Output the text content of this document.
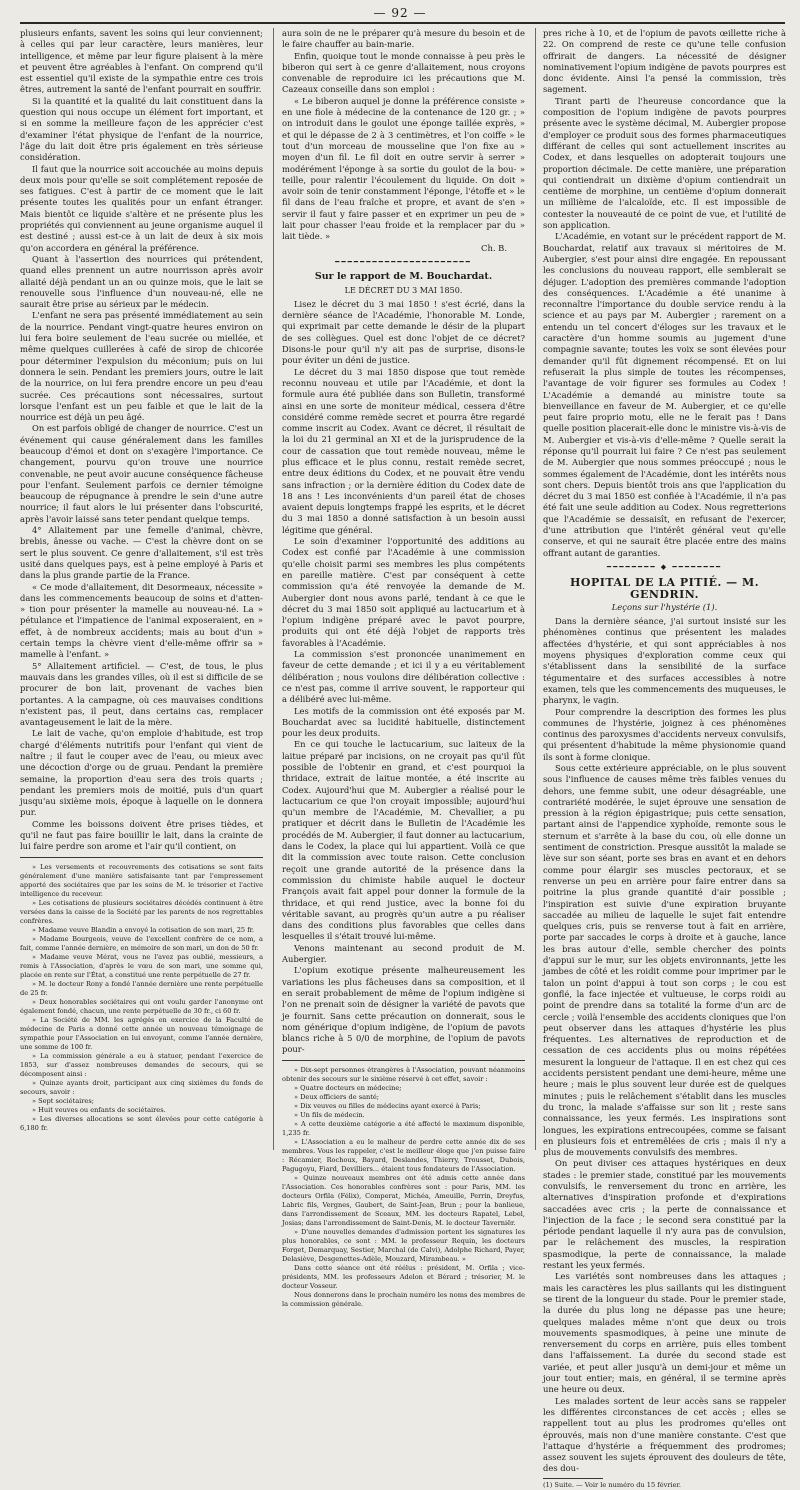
— 92 —

plusieurs enfants, savent les soins qui leur conviennent; à celles qui par leur caractère, leurs manières, leur intelligence, et même par leur figure plaisent à la mère et peuvent être agréables à l'enfant. On comprend qu'il est essentiel qu'il existe de la sympathie entre ces trois êtres, autrement la santé de l'enfant pourrait en souffrir.

Si la quantité et la qualité du lait constituent dans la question qui nous occupe un élément fort important, et si en somme la meilleure façon de les apprécier c'est d'examiner l'état physique de l'enfant de la nourrice, l'âge du lait doit être pris également en très sérieuse considération.

Il faut que la nourrice soit accouchée au moins depuis deux mois pour qu'elle se soit complétement reposée de ses fatigues. C'est à partir de ce moment que le lait présente toutes les qualités pour un enfant étranger. Mais bientôt ce liquide s'altère et ne présente plus les propriétés qui conviennent au jeune organisme auquel il est destiné ; aussi est-ce à un lait de deux à six mois qu'on accordera en général la préférence.

Quant à l'assertion des nourrices qui prétendent, quand elles prennent un autre nourrisson après avoir allaité déjà pendant un an ou quinze mois, que le lait se renouvelle sous l'influence d'un nouveau-né, elle ne saurait être prise au sérieux par le médecin.

L'enfant ne sera pas présenté immédiatement au sein de la nourrice. Pendant vingt-quatre heures environ on lui fera boire seulement de l'eau sucrée ou miellée, et même quelques cuillerées à café de sirop de chicorée pour déterminer l'expulsion du méconium; puis on lui donnera le sein. Pendant les premiers jours, outre le lait de la nourrice, on lui fera prendre encore un peu d'eau sucrée. Ces précautions sont nécessaires, surtout lorsque l'enfant est un peu faible et que le lait de la nourrice est déjà un peu âgé.

On est parfois obligé de changer de nourrice. C'est un événement qui cause généralement dans les familles beaucoup d'émoi et dont on s'exagère l'importance. Ce changement, pourvu qu'on trouve une nourrice convenable, ne peut avoir aucune conséquence fâcheuse pour l'enfant. Seulement parfois ce dernier témoigne beaucoup de répugnance à prendre le sein d'une autre nourrice; il faut alors le lui présenter dans l'obscurité, après l'avoir laissé sans teter pendant quelque temps.

4° Allaitement par une femelle d'animal, chèvre, brebis, ânesse ou vache. — C'est la chèvre dont on se sert le plus souvent. Ce genre d'allaitement, s'il est très usité dans quelques pays, est à peine employé à Paris et dans la plus grande partie de la France.

« Ce mode d'allaitement, dit Desormeaux, nécessite » dans les commencements beaucoup de soins et d'atten- » tion pour présenter la mamelle au nouveau-né. La » pétulance et l'impatience de l'animal exposeraient, en » effet, à de nombreux accidents; mais au bout d'un » certain temps la chèvre vient d'elle-même offrir sa » mamelle à l'enfant. »

5° Allaitement artificiel. — C'est, de tous, le plus mauvais dans les grandes villes, où il est si difficile de se procurer de bon lait, provenant de vaches bien portantes. A la campagne, où ces mauvaises conditions n'existent pas, il peut, dans certains cas, remplacer avantageusement le lait de la mère.

Le lait de vache, qu'on emploie d'habitude, est trop chargé d'éléments nutritifs pour l'enfant qui vient de naître ; il faut le couper avec de l'eau, ou mieux avec une décoction d'orge ou de gruau. Pendant la première semaine, la proportion d'eau sera des trois quarts ; pendant les premiers mois de moitié, puis d'un quart jusqu'au sixième mois, époque à laquelle on le donnera pur.

Comme les boissons doivent être prises tièdes, et qu'il ne faut pas faire bouillir le lait, dans la crainte de lui faire perdre son arome et l'air qu'il contient, on

» Les versements et recouvrements des cotisations se sont faits généralement d'une manière satisfaisante tant par l'empressement apporté des sociétaires que par les soins de M. le trésorier et l'active intelligence du receveur.

» Les cotisations de plusieurs sociétaires décédés continuent à être versées dans la caisse de la Société par les parents de nos regrettables confrères.

» Madame veuve Blandin a envoyé la cotisation de son mari, 25 fr.

» Madame Bourgeois, veuve de l'excellent confrère de ce nom, a fait, comme l'année dernière, en mémoire de son mari, un don de 50 fr.

» Madame veuve Mérat, vous ne l'avez pas oublié, messieurs, a remis à l'Association, d'après le vœu de son mari, une somme qui, placée en rente sur l'État, a constitué une rente perpétuelle de 27 fr.

» M. le docteur Rony a fondé l'année dernière une rente perpétuelle de 25 fr.

» Deux honorables sociétaires qui ont voulu garder l'anonyme ont également fondé, chacun, une rente perpétuelle de 30 fr., ci 60 fr.

» La Société de MM. les agrégés en exercice de la Faculté de médecine de Paris a donné cette année un nouveau témoignage de sympathie pour l'Association en lui envoyant, comme l'année dernière, une somme de 100 fr.

» La commission générale a eu à statuer, pendant l'exercice de 1853, sur d'assez nombreuses demandes de secours, qui se décomposent ainsi :

» Quinze ayants droit, participant aux cinq sixièmes du fonds de secours, savoir :

» Sept sociétaires;

» Huit veuves ou enfants de sociétaires.

» Les diverses allocations se sont élevées pour cette catégorie à 6,180 fr.

aura soin de ne le préparer qu'à mesure du besoin et de le faire chauffer au bain-marie.

Enfin, quoique tout le monde connaisse à peu près le biberon qui sert à ce genre d'allaitement, nous croyons convenable de reproduire ici les précautions que M. Cazeaux conseille dans son emploi :

« Le biberon auquel je donne la préférence consiste » en une fiole à médecine de la contenance de 120 gr. ; » on introduit dans le goulot une éponge taillée exprès, » et qui le dépasse de 2 à 3 centimètres, et l'on coiffe » le tout d'un morceau de mousseline que l'on fixe au » moyen d'un fil. Le fil doit en outre servir à serrer » modérément l'éponge à sa sortie du goulot de la bou- » teille, pour ralentir l'écoulement du liquide. On doit » avoir soin de tenir constamment l'éponge, l'étoffe et » le fil dans de l'eau fraîche et propre, et avant de s'en » servir il faut y faire passer et en exprimer un peu de » lait pour chasser l'eau froide et la remplacer par du » lait tiède. »

Ch. B.

━━━━━━━━━━━━━━━━━━━━━━
Sur le rapport de M. Bouchardat.
LE DÉCRET DU 3 MAI 1850.

Lisez le décret du 3 mai 1850 ! s'est écrié, dans la dernière séance de l'Académie, l'honorable M. Londe, qui exprimait par cette demande le désir de la plupart de ses collègues. Quel est donc l'objet de ce décret? Disons-le pour qu'il n'y ait pas de surprise, disons-le pour éviter un déni de justice.

Le décret du 3 mai 1850 dispose que tout remède reconnu nouveau et utile par l'Académie, et dont la formule aura été publiée dans son Bulletin, transformé ainsi en une sorte de moniteur médical, cessera d'être considéré comme remède secret et pourra être regardé comme inscrit au Codex. Avant ce décret, il résultait de la loi du 21 germinal an XI et de la jurisprudence de la cour de cassation que tout remède nouveau, même le plus efficace et le plus connu, restait remède secret, entre deux éditions du Codex, et ne pouvait être vendu sans infraction ; or la dernière édition du Codex date de 18 ans ! Les inconvénients d'un pareil état de choses avaient depuis longtemps frappé les esprits, et le décret du 3 mai 1850 a donné satisfaction à un besoin aussi légitime que général.

Le soin d'examiner l'opportunité des additions au Codex est confié par l'Académie à une commission qu'elle choisit parmi ses membres les plus compétents en pareille matière. C'est par conséquent à cette commission qu'a été renvoyée la demande de M. Aubergier dont nous avons parlé, tendant à ce que le décret du 3 mai 1850 soit appliqué au lactucarium et à l'opium indigène préparé avec le pavot pourpre, produits qui ont été déjà l'objet de rapports très favorables à l'Académie.

La commission s'est prononcée unanimement en faveur de cette demande ; et ici il y a eu véritablement délibération ; nous voulons dire délibération collective : ce n'est pas, comme il arrive souvent, le rapporteur qui a délibéré avec lui-même.

Les motifs de la commission ont été exposés par M. Bouchardat avec sa lucidité habituelle, distinctement pour les deux produits.

En ce qui touche le lactucarium, suc laiteux de la laitue préparé par incisions, on ne croyait pas qu'il fût possible de l'obtenir en grand, et c'est pourquoi la thridace, extrait de laitue montée, a été inscrite au Codex. Aujourd'hui que M. Aubergier a réalisé pour le lactucarium ce que l'on croyait impossible; aujourd'hui qu'un membre de l'Académie, M. Chevallier, a pu pratiquer et décrit dans le Bulletin de l'Académie les procédés de M. Aubergier, il faut donner au lactucarium, dans le Codex, la place qui lui appartient. Voilà ce que dit la commission avec toute raison. Cette conclusion reçoit une grande autorité de la présence dans la commission du chimiste habile auquel le docteur François avait fait appel pour donner la formule de la thridace, et qui rend justice, avec la bonne foi du véritable savant, au progrès qu'un autre a pu réaliser dans des conditions plus favorables que celles dans lesquelles il s'était trouvé lui-même.

Venons maintenant au second produit de M. Aubergier.

L'opium exotique présente malheureusement les variations les plus fâcheuses dans sa composition, et il en serait probablement de même de l'opium indigène si l'on ne prenait soin de désigner la variété de pavots que je fournit. Sans cette précaution on donnerait, sous le nom générique d'opium indigène, de l'opium de pavots blancs riche à 5 0/0 de morphine, de l'opium de pavots pour-

» Dix-sept personnes étrangères à l'Association, pouvant néanmoins obtenir des secours sur le sixième réservé à cet effet, savoir :

» Quatre docteurs en médecine;

» Deux officiers de santé;

» Dix veuves ou filles de médecins ayant exercé à Paris;

» Un fils de médecin.

» A cette deuxième catégorie a été affecté le maximum disponible, 1,235 fr.

» L'Association a eu le malheur de perdre cette année dix de ses membres. Vous les rappeler, c'est le meilleur éloge que j'en puisse faire : Récamier, Rochoux, Bayard, Deslandes, Thierry, Trousset, Dubois, Pagugoyu, Fiard, Devilliers... étaient tous fondateurs de l'Association.

» Quinze nouveaux membres ont été admis cette année dans l'Association. Ces honorables confrères sont : pour Paris, MM. les docteurs Orfila (Félix), Comperat, Michéa, Ameuille, Perrin, Dreyfus, Labric fils, Vergnes, Gaubert, de Saint-Jean, Brun ; pour la banlieue, dans l'arrondissement de Sceaux, MM. les docteurs Rapatel, Lebel, Josias; dans l'arrondissement de Saint-Denis, M. le docteur Taverniër.

» D'une nouvelles demandes d'admission portent les signatures les plus honorables, ce sont : MM. le professeur Requin, les docteurs Forget, Demarquay, Sestier, Marchal (de Calvi), Adolphe Richard, Payer, Delasiève, Desgenettes-Adèle, Mouzard, Mirambeau. »

Dans cette séance ont été réélus : président, M. Orfila ; vice-présidents, MM. les professeurs Adelon et Bérard ; trésorier, M. le docteur Vosseur.

Nous donnerons dans le prochain numéro les noms des membres de la commission générale.

pres riche à 10, et de l'opium de pavots œillette riche à 22. On comprend de reste ce qu'une telle confusion offrirait de dangers. La nécessité de désigner nominativement l'opium indigène de pavots pourpres est donc évidente. Ainsi l'a pensé la commission, très sagement.

Tirant parti de l'heureuse concordance que la composition de l'opium indigène de pavots pourpres présente avec le système décimal, M. Aubergier propose d'employer ce produit sous des formes pharmaceutiques différant de celles qui sont actuellement inscrites au Codex, et dans lesquelles on adopterait toujours une proportion décimale. De cette manière, une préparation qui contiendrait un dixième d'opium contiendrait un centième de morphine, un centième d'opium donnerait un millième de l'alcaloïde, etc. Il est impossible de contester la nouveauté de ce point de vue, et l'utilité de son application.

L'Académie, en votant sur le précédent rapport de M. Bouchardat, relatif aux travaux si méritoires de M. Aubergier, s'est pour ainsi dire engagée. En repoussant les conclusions du nouveau rapport, elle semblerait se déjuger. L'adoption des premières commande l'adoption des conséquences. L'Académie a été unanime à reconnaître l'importance du double service rendu à la science et au pays par M. Aubergier ; rarement on a entendu un tel concert d'éloges sur les travaux et le caractère d'un homme soumis au jugement d'une compagnie savante; toutes les voix se sont élevées pour demander qu'il fût dignement récompensé. Et on lui refuserait la plus simple de toutes les récompenses, l'avantage de voir figurer ses formules au Codex ! L'Académie a demandé au ministre toute sa bienveillance en faveur de M. Aubergier, et ce qu'elle peut faire proprio motu, elle ne le ferait pas ! Dans quelle position placerait-elle donc le ministre vis-à-vis de M. Aubergier et vis-à-vis d'elle-même ? Quelle serait la réponse qu'il pourrait lui faire ? Ce n'est pas seulement de M. Aubergier que nous sommes préoccupé ; nous le sommes également de l'Académie, dont les intérêts nous sont chers. Depuis bientôt trois ans que l'application du décret du 3 mai 1850 est confiée à l'Académie, il n'a pas été fait une seule addition au Codex. Nous regretterions que l'Académie se dessaisît, en refusant de l'exercer, d'une attribution que l'intérêt général veut qu'elle conserve, et qui ne saurait être placée entre des mains offrant autant de garanties.

━━━━━━━━ ◆ ━━━━━━━━
HOPITAL DE LA PITIÉ. — M. GENDRIN.
Leçons sur l'hystérie (1).

Dans la dernière séance, j'ai surtout insisté sur les phénomènes continus que présentent les malades affectées d'hystérie, et qui sont appréciables à nos moyens physiques d'exploration comme ceux qui s'établissent dans la sensibilité de la surface tégumentaire et des surfaces accessibles à notre examen, tels que les commencements des muqueuses, le pharynx, le vagin.

Pour comprendre la description des formes les plus communes de l'hystérie, joignez à ces phénomènes continus des paroxysmes d'accidents nerveux convulsifs, qui présentent d'habitude la même physionomie quand ils sont à forme clonique.

Sous cette extérieure appréciable, on le plus souvent sous l'influence de causes même très faibles venues du dehors, une femme subit, une odeur désagréable, une contrariété modérée, le sujet éprouve une sensation de pression à la région épigastrique; puis cette sensation, partant ainsi de l'appendice xyphoïde, remonte sous le sternum et s'arrête à la base du cou, où elle donne un sentiment de constriction. Presque aussitôt la malade se lève sur son séant, porte ses bras en avant et en dehors comme pour élargir ses muscles pectoraux, et se renverse un peu en arrière pour faire entrer dans sa poitrine la plus grande quantité d'air possible ; l'inspiration est suivie d'une expiration bruyante saccadée au milieu de laquelle le sujet fait entendre quelques cris, puis se renverse tout à fait en arrière, porte par saccades le corps à droite et à gauche, lance les bras autour d'elle, semble chercher des points d'appui sur le mur, sur les objets environnants, jette les jambes de côté et les roidit comme pour imprimer par le talon un point d'appui à tout son corps ; le cou est gonflé, la face injectée et vultueuse, le corps roidi au point de prendre dans sa totalité la forme d'un arc de cercle ; voilà l'ensemble des accidents cloniques que l'on peut observer dans les attaques d'hystérie les plus fréquentes. Les alternatives de reproduction et de cessation de ces accidents plus ou moins répétées mesurent la longueur de l'attaque. Il en est chez qui ces accidents persistent pendant une demi-heure, même une heure ; mais le plus souvent leur durée est de quelques minutes ; puis le relâchement s'établit dans les muscles du tronc, la malade s'affaisse sur son lit ; reste sans connaissance, les yeux fermés. Les inspirations sont longues, les expirations entrecoupées, comme se faisant en plusieurs fois et entremêlées de cris ; mais il n'y a plus de mouvements convulsifs des membres.

On peut diviser ces attaques hystériques en deux stades : le premier stade, constitué par les mouvements convulsifs, le renversement du tronc en arrière, les alternatives d'inspiration profonde et d'expirations saccadées avec cris ; la perte de connaissance et l'injection de la face ; le second sera constitué par la période pendant laquelle il n'y aura pas de convulsion, par le relâchement des muscles, la respiration spasmodique, la perte de connaissance, la malade restant les yeux fermés.

Les variétés sont nombreuses dans les attaques ; mais les caractères les plus saillants qui les distinguent se tirent de la longueur du stade. Pour le premier stade, la durée du plus long ne dépasse pas une heure; quelques malades même n'ont que deux ou trois mouvements spasmodiques, à peine une minute de renversement du corps en arrière, puis elles tombent dans l'affaissement. La durée du second stade est variée, et peut aller jusqu'à un demi-jour et même un jour tout entier; mais, en général, il se termine après une heure ou deux.

Les malades sortent de leur accès sans se rappeler les différentes circonstances de cet accès ; elles se rappellent tout au plus les prodromes qu'elles ont éprouvés, mais non d'une manière constante. C'est que l'attaque d'hystérie a fréquemment des prodromes; assez souvent les sujets éprouvent des douleurs de tête, des dou-

(1) Suite. — Voir le numéro du 15 février.
